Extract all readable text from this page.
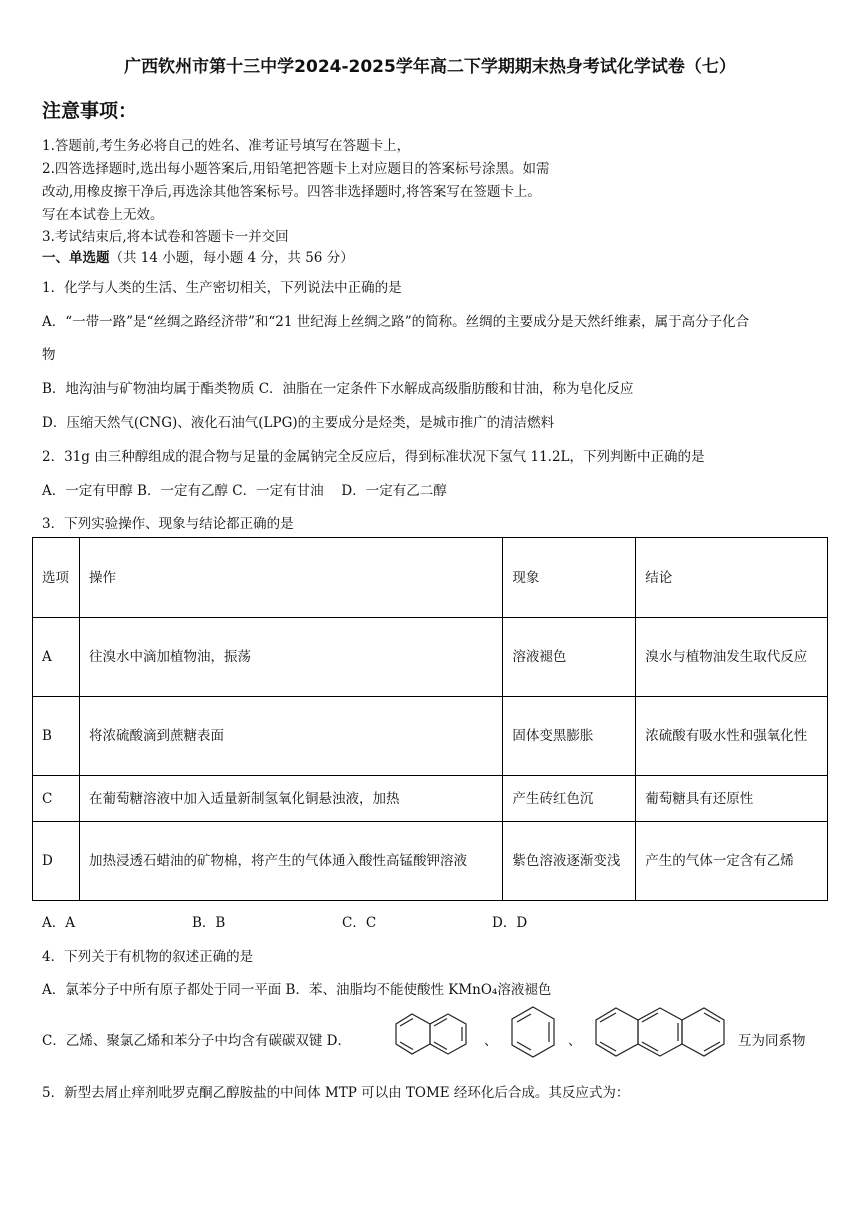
广西钦州市第十三中学2024-2025学年高二下学期期末热身考试化学试卷（七）
注意事项：
1.答题前,考生务必将自己的姓名、准考证号填写在答题卡上，
2.四答选择题时,选出每小题答案后,用铅笔把答题卡上对应题目的答案标号涂黑。如需
改动,用橡皮擦干净后,再选涂其他答案标号。四答非选择题时,将答案写在签题卡上。
写在本试卷上无效。
3.考试结束后,将本试卷和答题卡一并交回
一、单选题（共 14 小题，每小题 4 分，共 56 分）
1．化学与人类的生活、生产密切相关，下列说法中正确的是
A．“一带一路”是“丝绸之路经济带”和“21 世纪海上丝绸之路”的简称。丝绸的主要成分是天然纤维素，属于高分子化合
物
B．地沟油与矿物油均属于酯类物质 C．油脂在一定条件下水解成高级脂肪酸和甘油，称为皂化反应
D．压缩天然气(CNG)、液化石油气(LPG)的主要成分是烃类，是城市推广的清洁燃料
2．31g 由三种醇组成的混合物与足量的金属钠完全反应后，得到标准状况下氢气 11.2L，下列判断中正确的是
A．一定有甲醇 B．一定有乙醇 C．一定有甘油　 D．一定有乙二醇
3．下列实验操作、现象与结论都正确的是
选项	操作	现象	结论
A	往溴水中滴加植物油，振荡	溶液褪色	溴水与植物油发生取代反应
B	将浓硫酸滴到蔗糖表面	固体变黑膨胀	浓硫酸有吸水性和强氧化性
C	在葡萄糖溶液中加入适量新制氢氧化铜悬浊液，加热	产生砖红色沉	葡萄糖具有还原性
D	加热浸透石蜡油的矿物棉，将产生的气体通入酸性高锰酸钾溶液	紫色溶液逐渐变浅	产生的气体一定含有乙烯
A．A	B．B	C．C	D．D
4．下列关于有机物的叙述正确的是
A．氯苯分子中所有原子都处于同一平面 B．苯、油脂均不能使酸性 KMnO₄溶液褪色
C．乙烯、聚氯乙烯和苯分子中均含有碳碳双键 D．	、	、	互为同系物
5．新型去屑止痒剂吡罗克酮乙醇胺盐的中间体 MTP 可以由 TOME 经环化后合成。其反应式为：
